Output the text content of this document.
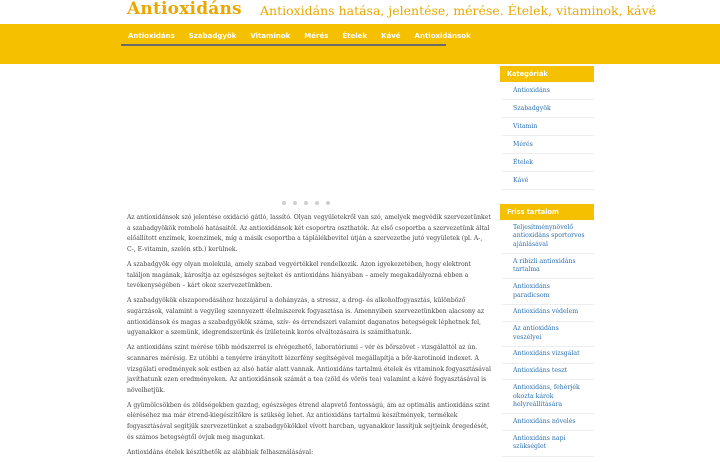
Antioxidáns Antioxidáns hatása, jelentése, mérése. Ételek, vitaminok, kávé
Antioxidáns	Szabadgyök	Vitaminok	Mérés	Ételek	Kávé	Antioxidánsok

Az antioxidánsok szó jelentése oxidáció gátló, lassító. Olyan vegyületekről van szó, amelyek megvédik szervezetünket a szabadgyökök romboló hatásaitól. Az antioxidánsok két csoportra oszthatók. Az első csoportba a szervezetünk által előállított enzimek, koenzimek, míg a másik csoportba a táplálékbevitel útján a szervezetbe jutó vegyületek (pl. A-, C-, E-vitamin, szelén stb.) kerülnek.

A szabadgyök egy olyan molekula, amely szabad vegyértékkel rendelkezik. Azon igyekezetében, hogy elektront találjon magának, károsítja az egészséges sejteket és antioxidáns hiányában – amely megakadályozná ebben a tevékenységében – kárt okoz szervezetünkben.

A szabadgyökök elszaporodásához hozzájárul a dohányzás, a stressz, a drog- és alkoholfogyasztás, különböző sugárzások, valamint a vegyileg szennyezett élelmiszerek fogyasztása is. Amennyiben szervezetünkben alacsony az antioxidánsok és magas a szabadgyökök száma, szív- és érrendszeri valamint daganatos betegségek léphetnek fel, ugyanakkor a szemünk, idegrendszerünk és ízületeink korós elváltozásaira is számíthatunk.

Az antioxidáns szint mérése több módszerrel is elvégezhető, laboratóriumi – vér és bőrszövet - vizsgálattól az ún. scannares mérésig. Ez utóbbi a tenyérre irányított lézerfény segítségével megállapítja a bőr-karotinoid indexet. A vizsgálati eredmények sok estben az alsó határ alatt vannak. Antioxidáns tartalmú ételek és vitaminok fogyasztásával javíthatunk ezen eredményeken. Az antioxidánsok számát a tea (zöld és vörös tea) valamint a kávé fogyasztásával is növelhetjük.

A gyümölcsökben és zöldségekben gazdag, egészséges étrend alapvető fontosságú, ám az optimális antioxidáns szint eléréséhez ma már étrend-kiegészítőkre is szükség lehet. Az antioxidáns tartalmú készítmények, termékek fogyasztásával segítjük szervezetünket a szabadgyökökkel vívott harcban, ugyanakkor lassítjuk sejtjeink öregedését, és számos betegségtől óvjuk meg magunkat.

Antioxidáns ételek készíthetők az alábbiak felhasználásával:

Kategóriák
Antioxidáns
Szabadgyök
Vitamin
Mérés
Ételek
Kávé
Friss tartalom
Teljesítménynövelő antioxidáns sportorvos ajánlásával
A ribizli antioxidáns tartalma
Antioxidáns paradicsom
Antioxidáns védelem
Az antioxidáns veszélyei
Antioxidáns vizsgálat
Antioxidáns teszt
Antioxidáns, fehérjék okozta károk helyreállítására
Antioxidáns növelés
Antioxidáns napi szükséglet
